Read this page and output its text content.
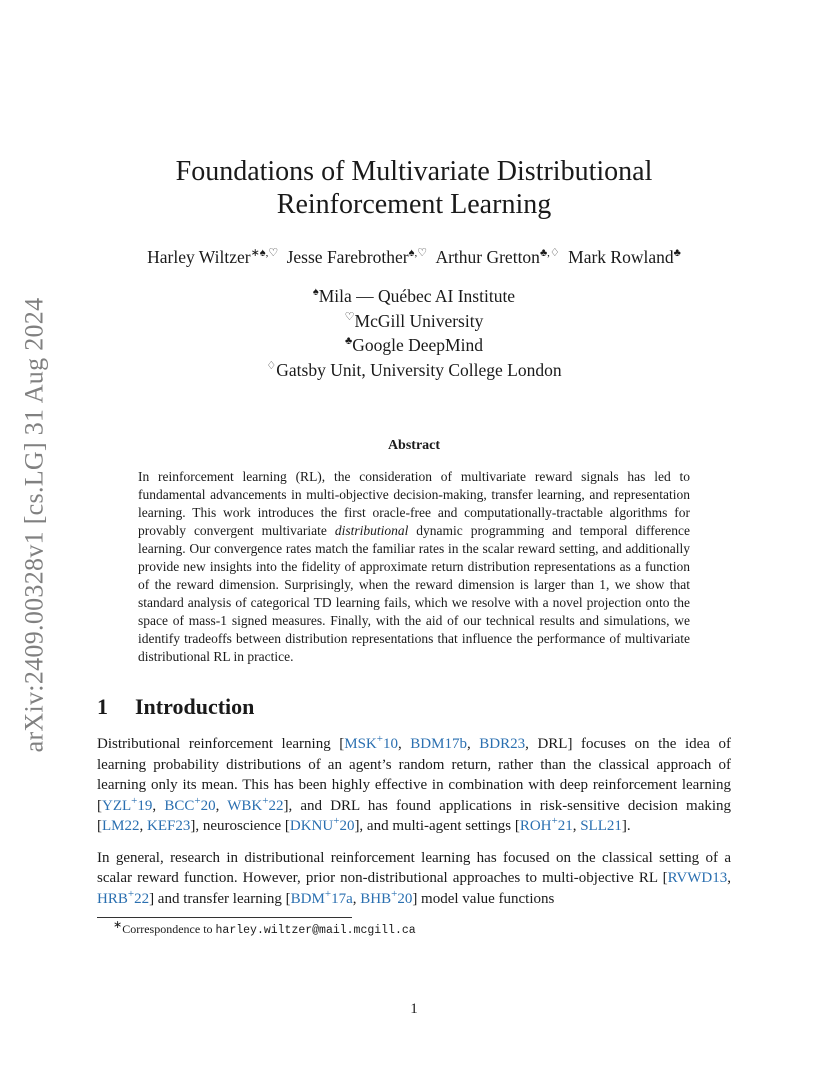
arXiv:2409.00328v1 [cs.LG] 31 Aug 2024
Foundations of Multivariate Distributional
Reinforcement Learning
Harley Wiltzer∗♠,♡ Jesse Farebrother♠,♡ Arthur Gretton♣,♢ Mark Rowland♣
♠Mila — Québec AI Institute
♡McGill University
♣Google DeepMind
♢Gatsby Unit, University College London
Abstract
In reinforcement learning (RL), the consideration of multivariate reward signals has led to fundamental advancements in multi-objective decision-making, transfer learning, and representation learning. This work introduces the first oracle-free and computationally-tractable algorithms for provably convergent multivariate distributional dynamic programming and temporal difference learning. Our convergence rates match the familiar rates in the scalar reward setting, and additionally provide new insights into the fidelity of approximate return distribution representations as a function of the reward dimension. Surprisingly, when the reward dimension is larger than 1, we show that standard analysis of categorical TD learning fails, which we resolve with a novel projection onto the space of mass-1 signed measures. Finally, with the aid of our technical results and simulations, we identify tradeoffs between distribution representations that influence the performance of multivariate distributional RL in practice.
1 Introduction
Distributional reinforcement learning [MSK+10, BDM17b, BDR23, DRL] focuses on the idea of learning probability distributions of an agent’s random return, rather than the classical approach of learning only its mean. This has been highly effective in combination with deep reinforcement learning [YZL+19, BCC+20, WBK+22], and DRL has found applications in risk-sensitive decision making [LM22, KEF23], neuroscience [DKNU+20], and multi-agent settings [ROH+21, SLL21].
In general, research in distributional reinforcement learning has focused on the classical setting of a scalar reward function. However, prior non-distributional approaches to multi-objective RL [RVWD13, HRB+22] and transfer learning [BDM+17a, BHB+20] model value functions
∗Correspondence to harley.wiltzer@mail.mcgill.ca
1
